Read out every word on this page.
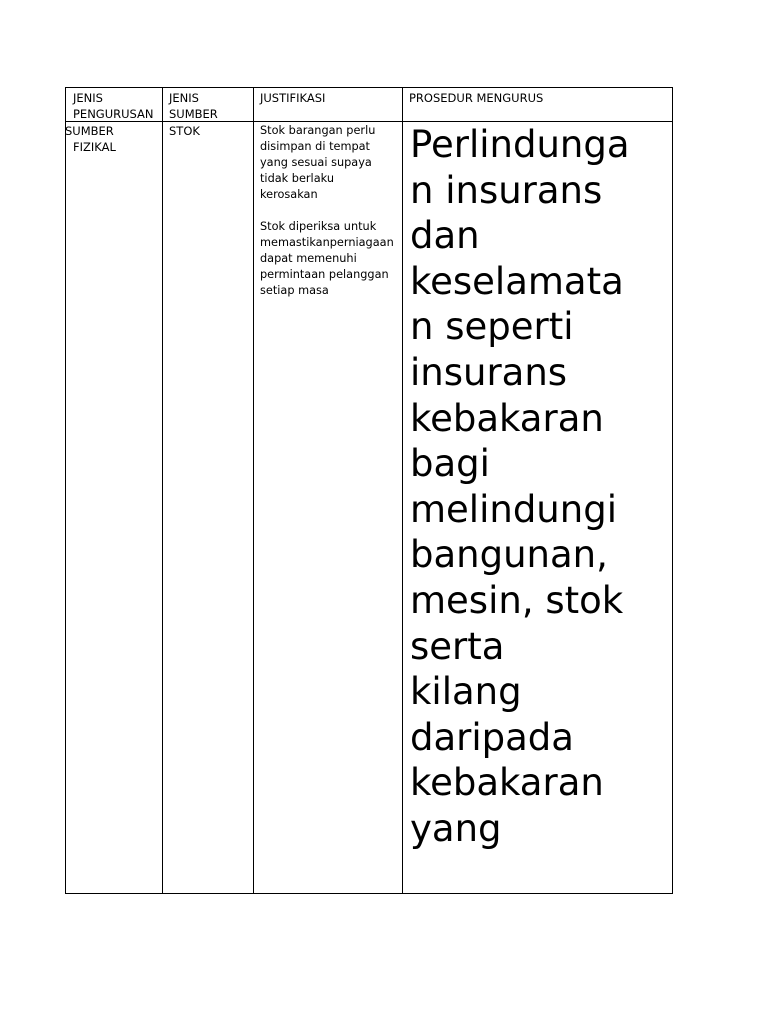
JENIS
PENGURUSAN
JENIS
SUMBER
JUSTIFIKASI	PROSEDUR MENGURUS
SUMBER
FIZIKAL
STOK	Stok barangan perlu
disimpan di tempat
yang sesuai supaya
tidak berlaku
kerosakan

Stok diperiksa untuk
memastikanperniagaan
dapat memenuhi
permintaan pelanggan
setiap masa
Perlindunga
n insurans
dan
keselamata
n seperti
insurans
kebakaran
bagi
melindungi
bangunan,
mesin, stok
serta
kilang
daripada
kebakaran
yang
